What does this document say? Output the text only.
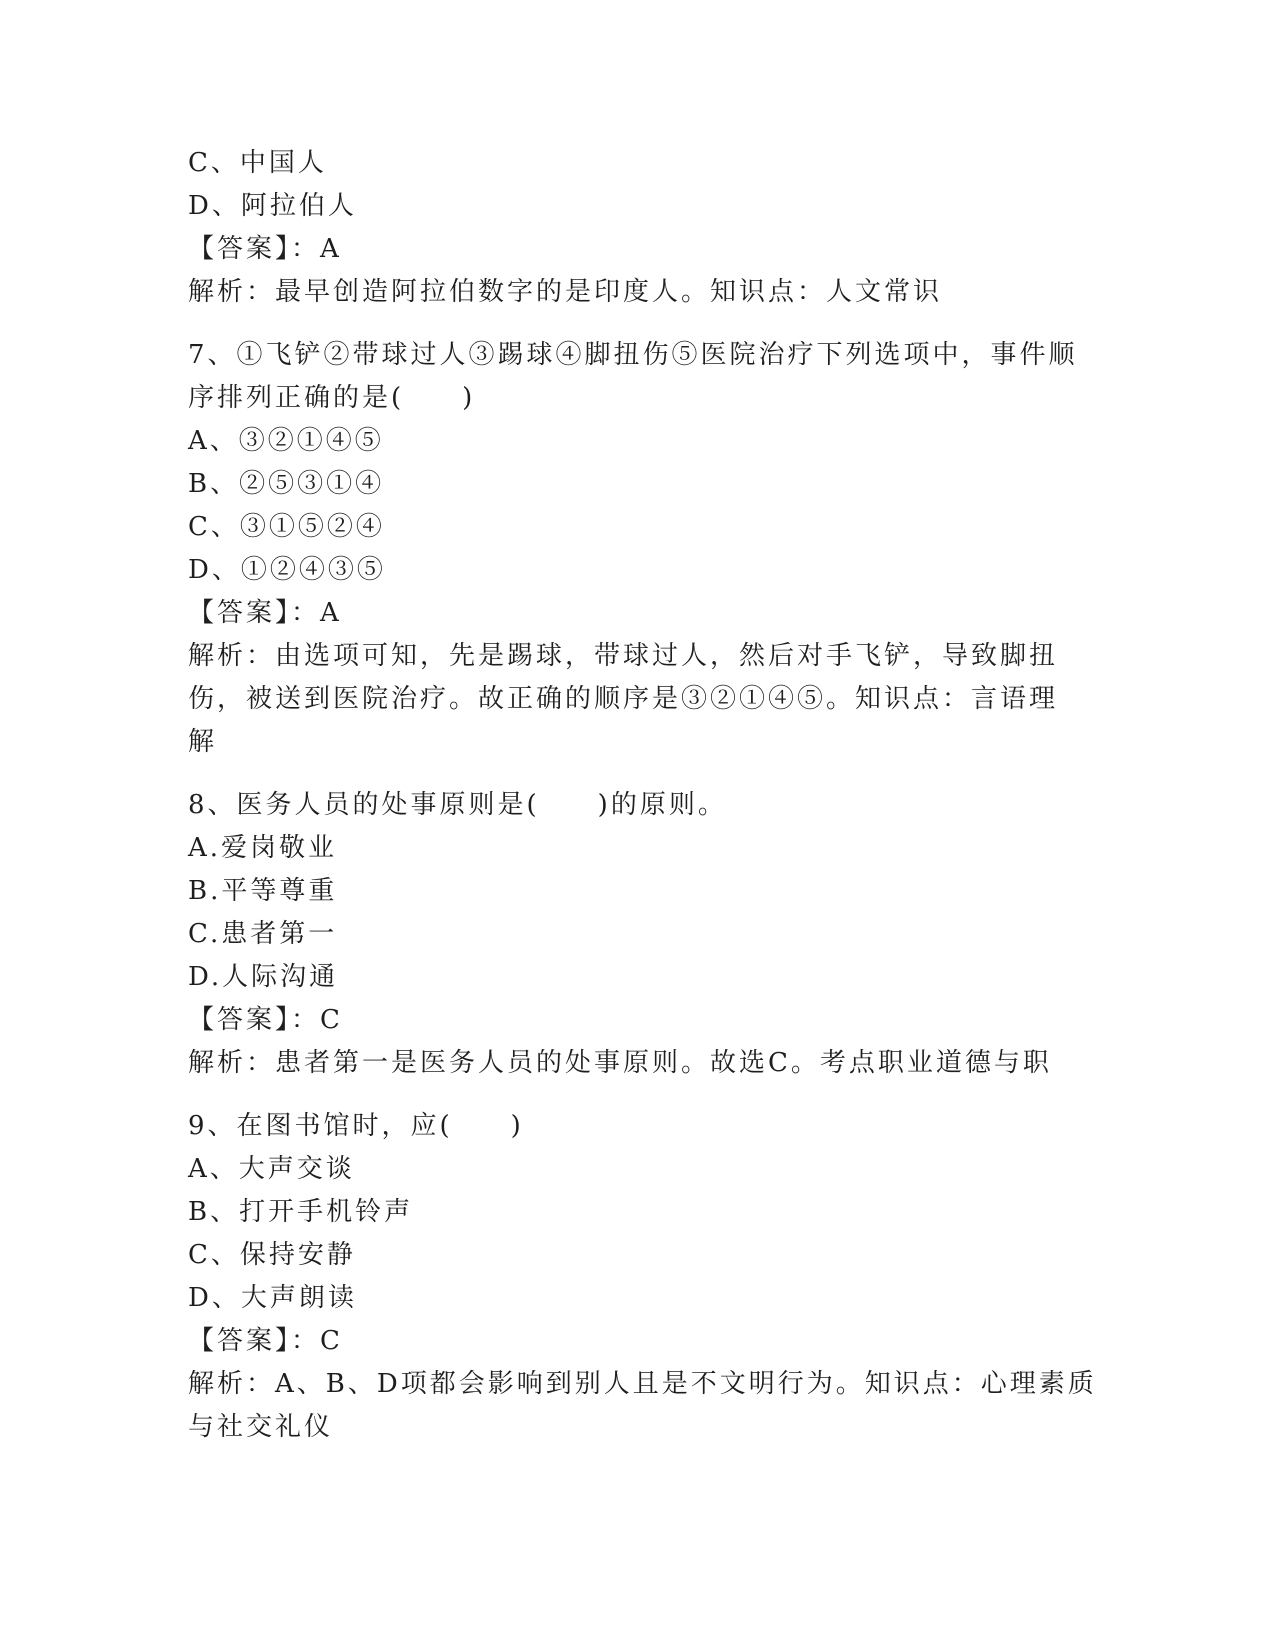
C、中国人
D、阿拉伯人
【答案】：A
解析：最早创造阿拉伯数字的是印度人。知识点：人文常识
7、①飞铲②带球过人③踢球④脚扭伤⑤医院治疗下列选项中，事件顺
序排列正确的是(　　)
A、③②①④⑤
B、②⑤③①④
C、③①⑤②④
D、①②④③⑤
【答案】：A
解析：由选项可知，先是踢球，带球过人，然后对手飞铲，导致脚扭
伤，被送到医院治疗。故正确的顺序是③②①④⑤。知识点：言语理
解
8、医务人员的处事原则是(　　)的原则。
A.爱岗敬业
B.平等尊重
C.患者第一
D.人际沟通
【答案】：C
解析：患者第一是医务人员的处事原则。故选C。考点职业道德与职
9、在图书馆时，应(　　)
A、大声交谈
B、打开手机铃声
C、保持安静
D、大声朗读
【答案】：C
解析：A、B、D项都会影响到别人且是不文明行为。知识点：心理素质
与社交礼仪
